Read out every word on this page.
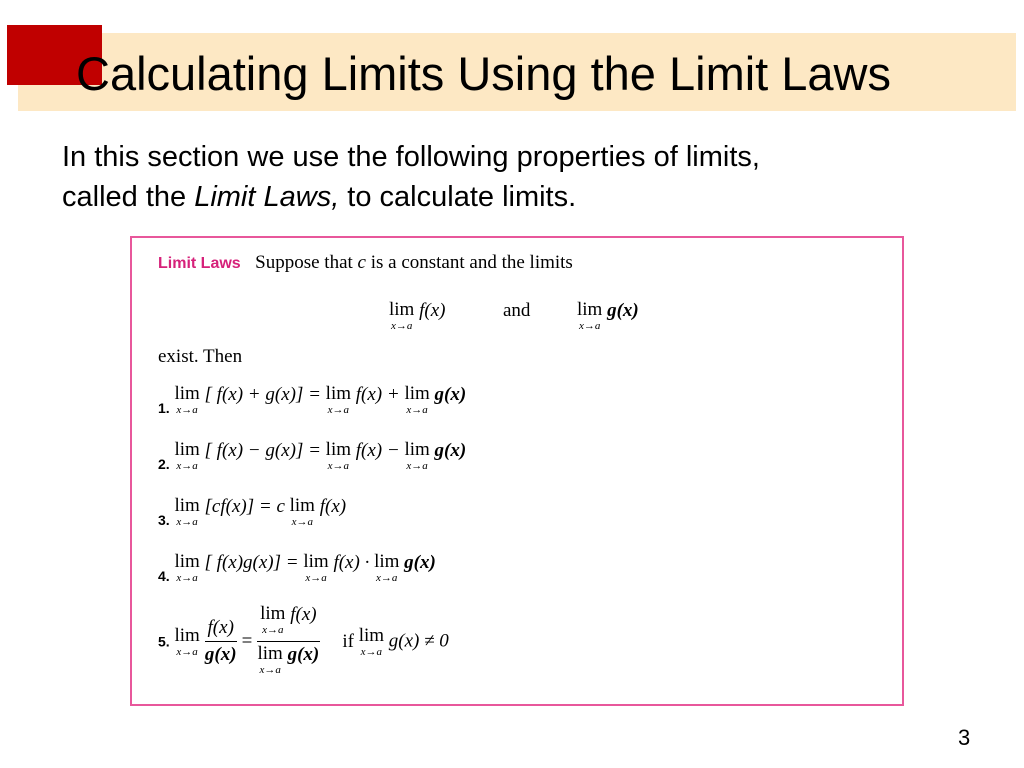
Calculating Limits Using the Limit Laws
In this section we use the following properties of limits,
called the Limit Laws, to calculate limits.
Limit Laws Suppose that c is a constant and the limits
lim
x→a
f(x)	and lim
x→a
g(x)
exist. Then
1.
lim
x→a
[ f(x) + g(x)] = lim
x→a
f(x) + lim
x→a
g(x)
2.
lim
x→a
[ f(x) − g(x)] = lim
x→a
f(x) − lim
x→a
g(x)
3.
lim
x→a
[cf(x)] = c lim
x→a
f(x)
4.
lim
x→a
[ f(x)g(x)] = lim
x→a
f(x) · lim
x→a
g(x)
5. lim
x→a
$\frac{f(x)}{g(x)} = \lim$
x→a
f(x)
lim
x→a
g(x) if lim
x→a g(x) ≠ 0
3
